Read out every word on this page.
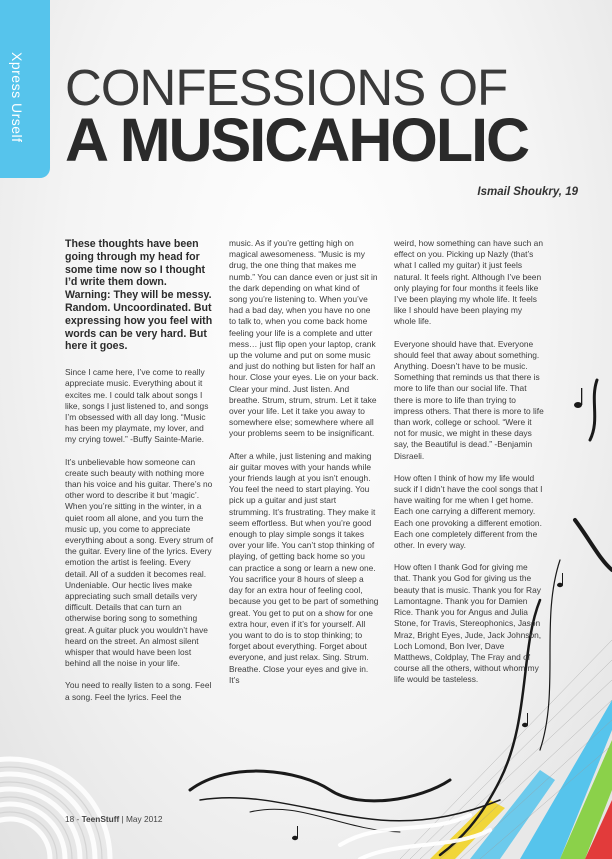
Xpress Urself CONFESSIONS OF
A MUSICAHOLIC
Ismail Shoukry, 19

These thoughts have been going through my head for some time now so I thought I’d write them down. Warning: They will be messy. Random. Uncoordinated. But expressing how you feel with words can be very hard. But here it goes.

Since I came here, I’ve come to really appreciate music. Everything about it excites me. I could talk about songs I like, songs I just listened to, and songs I’m obsessed with all day long. “Music has been my playmate, my lover, and my crying towel.” -Buffy Sainte-Marie.

It’s unbelievable how someone can create such beauty with nothing more than his voice and his guitar. There’s no other word to describe it but ‘magic’. When you’re sitting in the winter, in a quiet room all alone, and you turn the music up, you come to appreciate everything about a song. Every strum of the guitar. Every line of the lyrics. Every emotion the artist is feeling. Every detail. All of a sudden it becomes real. Undeniable. Our hectic lives make appreciating such small details very difficult. Details that can turn an otherwise boring song to something great. A guitar pluck you wouldn’t have heard on the street. An almost silent whisper that would have been lost behind all the noise in your life.

You need to really listen to a song. Feel a song. Feel the lyrics. Feel the

music. As if you’re getting high on magical awesomeness. “Music is my drug, the one thing that makes me numb.” You can dance even or just sit in the dark depending on what kind of song you’re listening to. When you’ve had a bad day, when you have no one to talk to, when you come back home feeling your life is a complete and utter mess… just flip open your laptop, crank up the volume and put on some music and just do nothing but listen for half an hour. Close your eyes. Lie on your back. Clear your mind. Just listen. And breathe. Strum, strum, strum. Let it take over your life. Let it take you away to somewhere else; somewhere where all your problems seem to be insignificant.

After a while, just listening and making air guitar moves with your hands while your friends laugh at you isn’t enough. You feel the need to start playing. You pick up a guitar and just start strumming. It’s frustrating. They make it seem effortless. But when you’re good enough to play simple songs it takes over your life. You can’t stop thinking of playing, of getting back home so you can practice a song or learn a new one. You sacrifice your 8 hours of sleep a day for an extra hour of feeling cool, because you get to be part of something great. You get to put on a show for one extra hour, even if it’s for yourself. All you want to do is to stop thinking; to forget about everything. Forget about everyone, and just relax. Sing. Strum. Breathe. Close your eyes and give in. It’s

weird, how something can have such an effect on you. Picking up Nazly (that’s what I called my guitar) it just feels natural. It feels right. Although I’ve been only playing for four months it feels like I’ve been playing my whole life. It feels like I should have been playing my whole life.

Everyone should have that. Everyone should feel that away about something. Anything. Doesn’t have to be music. Something that reminds us that there is more to life than our social life. That there is more to life than trying to impress others. That there is more to life than work, college or school. “Were it not for music, we might in these days say, the Beautiful is dead.” -Benjamin Disraeli.

How often I think of how my life would suck if I didn’t have the cool songs that I have waiting for me when I get home. Each one carrying a different memory. Each one provoking a different emotion. Each one completely different from the other. In every way.

How often I thank God for giving me that. Thank you God for giving us the beauty that is music. Thank you for Ray Lamontagne. Thank you for Damien Rice. Thank you for Angus and Julia Stone, for Travis, Stereophonics, Jason Mraz, Bright Eyes, Jude, Jack Johnson, Loch Lomond, Bon Iver, Dave Matthews, Coldplay, The Fray and of course all the others, without whom my life would be tasteless.

18 - TeenStuff | May 2012
